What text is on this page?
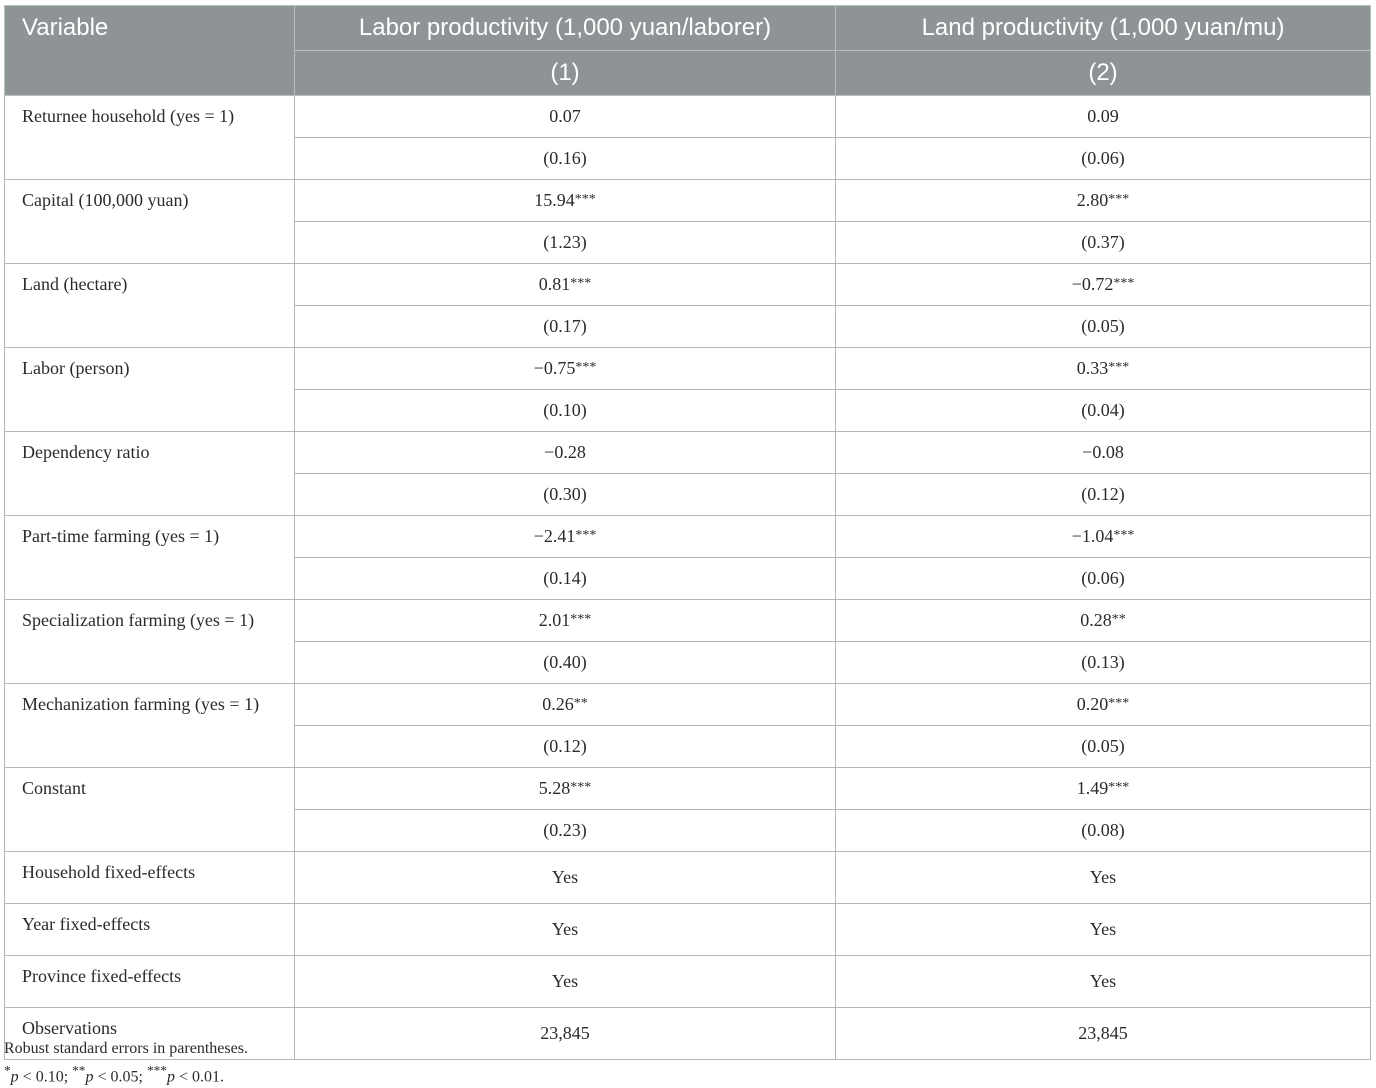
Variable	Labor productivity (1,000 yuan/laborer)	Land productivity (1,000 yuan/mu)
	(1)	(2)
Returnee household (yes = 1)	0.07	0.09
	(0.16)	(0.06)
Capital (100,000 yuan)	15.94***	2.80***
	(1.23)	(0.37)
Land (hectare)	0.81***	−0.72***
	(0.17)	(0.05)
Labor (person)	−0.75***	0.33***
	(0.10)	(0.04)
Dependency ratio	−0.28	−0.08
	(0.30)	(0.12)
Part-time farming (yes = 1)	−2.41***	−1.04***
	(0.14)	(0.06)
Specialization farming (yes = 1)	2.01***	0.28**
	(0.40)	(0.13)
Mechanization farming (yes = 1)	0.26**	0.20***
	(0.12)	(0.05)
Constant	5.28***	1.49***
	(0.23)	(0.08)
Household fixed-effects	Yes	Yes
Year fixed-effects	Yes	Yes
Province fixed-effects	Yes	Yes
Observations	23,845	23,845
Robust standard errors in parentheses.
*p < 0.10; **p < 0.05; ***p < 0.01.
